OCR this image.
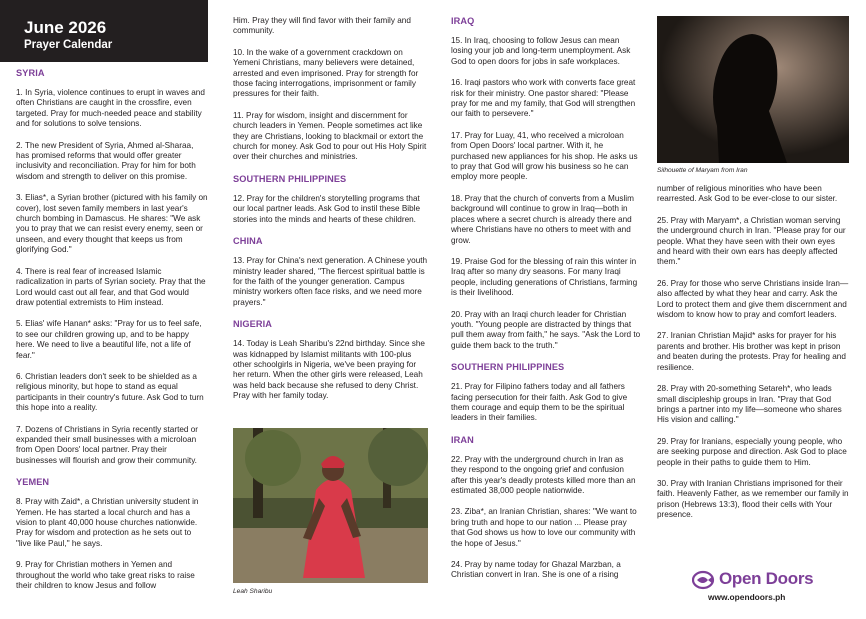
June 2026
Prayer Calendar
SYRIA
1. In Syria, violence continues to erupt in waves and often Christians are caught in the crossfire, even targeted. Pray for much-needed peace and stability and for solutions to solve tensions.
2. The new President of Syria, Ahmed al-Sharaa, has promised reforms that would offer greater inclusivity and reconciliation. Pray for him for both wisdom and strength to deliver on this promise.
3. Elias*, a Syrian brother (pictured with his family on cover), lost seven family members in last year's church bombing in Damascus. He shares: "We ask you to pray that we can resist every enemy, seen or unseen, and every thought that keeps us from glorifying God."
4. There is real fear of increased Islamic radicalization in parts of Syrian society. Pray that the Lord would cast out all fear, and that God would draw potential extremists to Him instead.
5. Elias' wife Hanan* asks: "Pray for us to feel safe, to see our children growing up, and to be happy here. We need to live a beautiful life, not a life of fear."
6. Christian leaders don't seek to be shielded as a religious minority, but hope to stand as equal participants in their country's future. Ask God to turn this hope into a reality.
7. Dozens of Christians in Syria recently started or expanded their small businesses with a microloan from Open Doors' local partner. Pray their businesses will flourish and grow their community.
YEMEN
8. Pray with Zaid*, a Christian university student in Yemen. He has started a local church and has a vision to plant 40,000 house churches nationwide. Pray for wisdom and protection as he sets out to "live like Paul," he says.
9. Pray for Christian mothers in Yemen and throughout the world who take great risks to raise their children to know Jesus and follow
Him. Pray they will find favor with their family and community.
10. In the wake of a government crackdown on Yemeni Christians, many believers were detained, arrested and even imprisoned. Pray for strength for those facing interrogations, imprisonment or family pressures for their faith.
11. Pray for wisdom, insight and discernment for church leaders in Yemen. People sometimes act like they are Christians, looking to blackmail or extort the church for money. Ask God to pour out His Holy Spirit over their churches and ministries.
SOUTHERN PHILIPPINES
12. Pray for the children's storytelling programs that our local partner leads. Ask God to instil these Bible stories into the minds and hearts of these children.
CHINA
13. Pray for China's next generation. A Chinese youth ministry leader shared, "The fiercest spiritual battle is for the faith of the younger generation. Campus ministry workers often face risks, and we need more prayers."
NIGERIA
14. Today is Leah Sharibu's 22nd birthday. Since she was kidnapped by Islamist militants with 100-plus other schoolgirls in Nigeria, we've been praying for her return. When the other girls were released, Leah was held back because she refused to deny Christ. Pray with her family today.
IRAQ
15. In Iraq, choosing to follow Jesus can mean losing your job and long-term unemployment. Ask God to open doors for jobs in safe workplaces.
16. Iraqi pastors who work with converts face great risk for their ministry. One pastor shared: "Please pray for me and my family, that God will strengthen our faith to persevere."
17. Pray for Luay, 41, who received a microloan from Open Doors' local partner. With it, he purchased new appliances for his shop. He asks us to pray that God will grow his business so he can employ more people.
18. Pray that the church of converts from a Muslim background will continue to grow in Iraq—both in places where a secret church is already there and where Christians have no others to meet with and grow.
19. Praise God for the blessing of rain this winter in Iraq after so many dry seasons. For many Iraqi people, including generations of Christians, farming is their livelihood.
20. Pray with an Iraqi church leader for Christian youth. "Young people are distracted by things that pull them away from faith," he says. "Ask the Lord to guide them back to the truth."
SOUTHERN PHILIPPINES
21. Pray for Filipino fathers today and all fathers facing persecution for their faith. Ask God to give them courage and equip them to be the spiritual leaders in their families.
IRAN
22. Pray with the underground church in Iran as they respond to the ongoing grief and confusion after this year's deadly protests killed more than an estimated 38,000 people nationwide.
23. Ziba*, an Iranian Christian, shares: "We want to bring truth and hope to our nation ... Please pray that God shows us how to love our community with the hope of Jesus."
24. Pray by name today for Ghazal Marzban, a Christian convert in Iran. She is one of a rising
number of religious minorities who have been rearrested. Ask God to be ever-close to our sister.
25. Pray with Maryam*, a Christian woman serving the underground church in Iran. "Please pray for our people. What they have seen with their own eyes and heard with their own ears has deeply affected them."
26. Pray for those who serve Christians inside Iran—also affected by what they hear and carry. Ask the Lord to protect them and give them discernment and wisdom to know how to pray and comfort leaders.
27. Iranian Christian Majid* asks for prayer for his parents and brother. His brother was kept in prison and beaten during the protests. Pray for healing and resilience.
28. Pray with 20-something Setareh*, who leads small discipleship groups in Iran. "Pray that God brings a partner into my life—someone who shares His vision and calling."
29. Pray for Iranians, especially young people, who are seeking purpose and direction. Ask God to place people in their paths to guide them to Him.
30. Pray with Iranian Christians imprisoned for their faith. Heavenly Father, as we remember our family in prison (Hebrews 13:3), flood their cells with Your presence.
Leah Sharibu
Silhouette of Maryam from Iran
Open Doors
www.opendoors.ph
